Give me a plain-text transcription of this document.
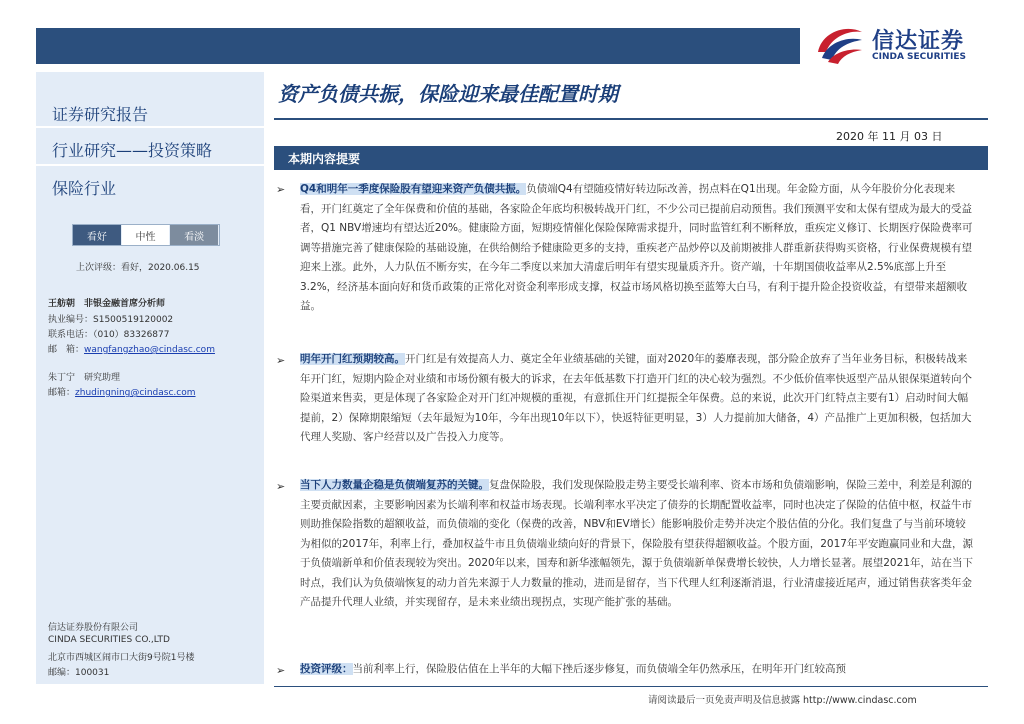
信达证券
CINDA SECURITIES
证券研究报告
行业研究——投资策略
保险行业
看好	中性	看淡
上次评级：看好，2020.06.15
王舫朝　非银金融首席分析师
执业编号：S1500519120002
联系电话：（010）83326877
邮　箱：wangfangzhao@cindasc.com
朱丁宁　研究助理
邮箱：zhudingning@cindasc.com
信达证券股份有限公司
CINDA SECURITIES CO.,LTD
北京市西城区闹市口大街9号院1号楼
邮编：100031
资产负债共振，保险迎来最佳配置时期
2020 年 11 月 03 日
本期内容提要
➢ Q4和明年一季度保险股有望迎来资产负债共振。负债端Q4有望随疫情好转边际改善，拐点料在Q1出现。年金险方面，从今年股价分化表现来看，开门红奠定了全年保费和价值的基础，各家险企年底均积极转战开门红，不少公司已提前启动预售。我们预测平安和太保有望成为最大的受益者，Q1 NBV增速均有望达近20%。健康险方面，短期疫情催化保险保障需求提升，同时监管红利不断释放，重疾定义修订、长期医疗保险费率可调等措施完善了健康保险的基础设施，在供给侧给予健康险更多的支持，重疾老产品炒停以及前期被排人群重新获得购买资格，行业保费规模有望迎来上涨。此外，人力队伍不断夯实，在今年二季度以来加大清虚后明年有望实现量质齐升。资产端，十年期国债收益率从2.5%底部上升至3.2%，经济基本面向好和货币政策的正常化对资金利率形成支撑，权益市场风格切换至蓝筹大白马，有利于提升险企投资收益，有望带来超额收益。
➢ 明年开门红预期较高。开门红是有效提高人力、奠定全年业绩基础的关键，面对2020年的萎靡表现，部分险企放弃了当年业务目标，积极转战来年开门红，短期内险企对业绩和市场份额有极大的诉求，在去年低基数下打造开门红的决心较为强烈。不少低价值率快返型产品从银保渠道转向个险渠道来售卖，更是体现了各家险企对开门红冲规模的重视，有意抓住开门红提振全年保费。总的来说，此次开门红特点主要有1）启动时间大幅提前，2）保障期限缩短（去年最短为10年，今年出现10年以下），快返特征更明显，3）人力提前加大储备，4）产品推广上更加积极，包括加大代理人奖励、客户经营以及广告投入力度等。
➢ 当下人力数量企稳是负债端复苏的关键。复盘保险股，我们发现保险股走势主要受长端利率、资本市场和负债端影响，保险三差中，利差是利源的主要贡献因素，主要影响因素为长端利率和权益市场表现。长端利率水平决定了债券的长期配置收益率，同时也决定了保险的估值中枢，权益牛市则助推保险指数的超额收益，而负债端的变化（保费的改善，NBV和EV增长）能影响股价走势并决定个股估值的分化。我们复盘了与当前环境较为相似的2017年，利率上行，叠加权益牛市且负债端业绩向好的背景下，保险股有望获得超额收益。个股方面，2017年平安跑赢同业和大盘，源于负债端新单和价值表现较为突出。2020年以来，国寿和新华涨幅领先，源于负债端新单保费增长较快，人力增长显著。展望2021年，站在当下时点，我们认为负债端恢复的动力首先来源于人力数量的推动，进而是留存，当下代理人红利逐渐消退，行业清虚接近尾声，通过销售获客类年金产品提升代理人业绩，并实现留存，是未来业绩出现拐点，实现产能扩张的基础。
➢ 投资评级：当前利率上行，保险股估值在上半年的大幅下挫后逐步修复，而负债端全年仍然承压，在明年开门红较高预
请阅读最后一页免责声明及信息披露 http://www.cindasc.com
